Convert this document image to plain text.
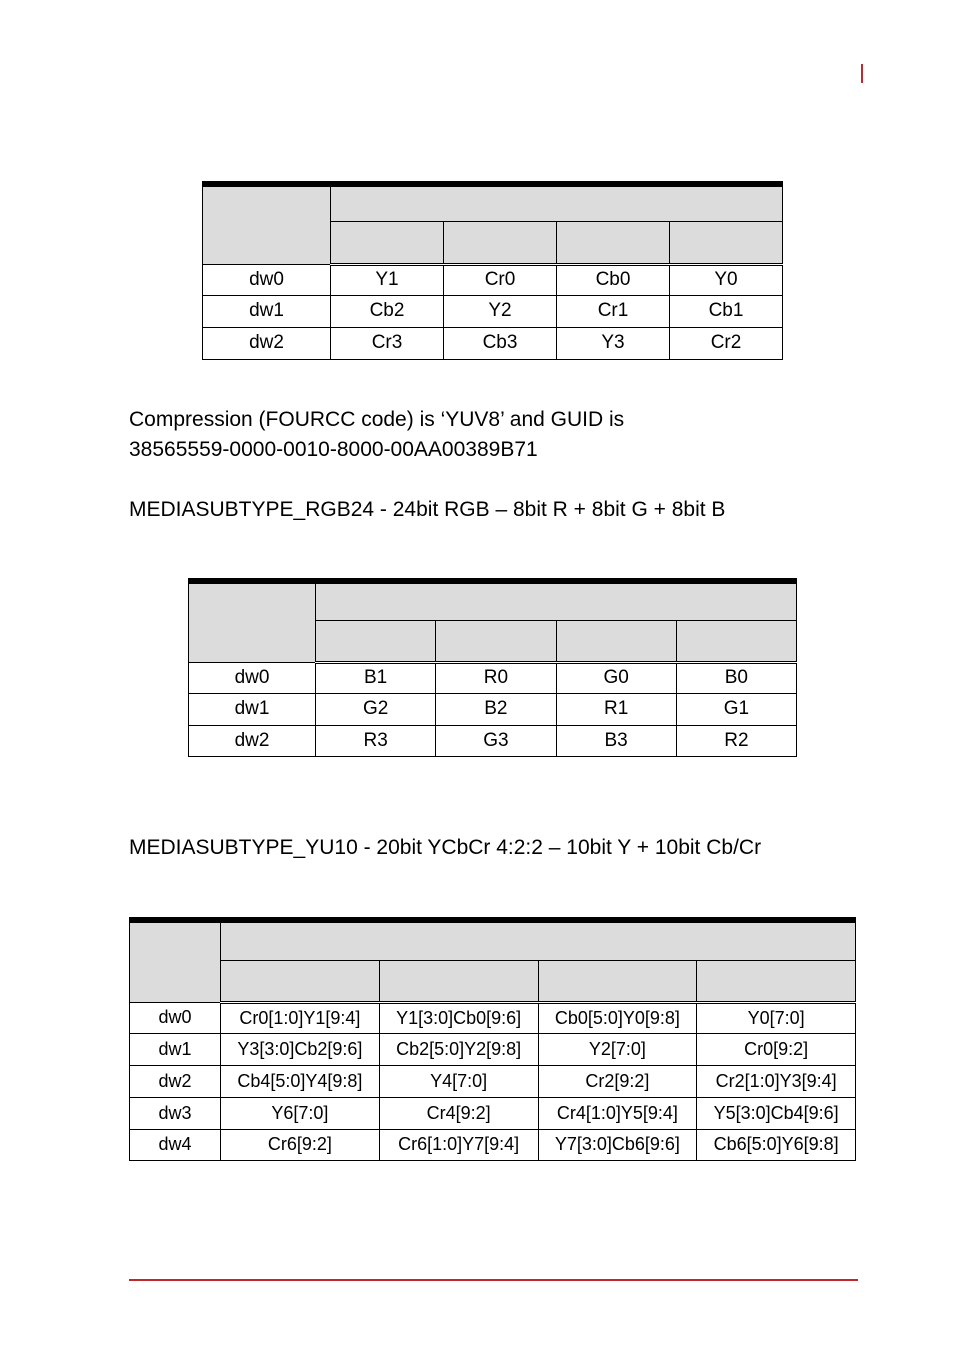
dw0	Y1	Cr0	Cb0	Y0
dw1	Cb2	Y2	Cr1	Cb1
dw2	Cr3	Cb3	Y3	Cr2

Compression (FOURCC code) is ‘YUV8’ and GUID is
38565559-0000-0010-8000-00AA00389B71

MEDIASUBTYPE_RGB24 - 24bit RGB – 8bit R + 8bit G + 8bit B

dw0	B1	R0	G0	B0
dw1	G2	B2	R1	G1
dw2	R3	G3	B3	R2

MEDIASUBTYPE_YU10 - 20bit YCbCr 4:2:2 – 10bit Y + 10bit Cb/Cr

dw0	Cr0[1:0]Y1[9:4]	Y1[3:0]Cb0[9:6]	Cb0[5:0]Y0[9:8]	Y0[7:0]
dw1	Y3[3:0]Cb2[9:6]	Cb2[5:0]Y2[9:8]	Y2[7:0]	Cr0[9:2]
dw2	Cb4[5:0]Y4[9:8]	Y4[7:0]	Cr2[9:2]	Cr2[1:0]Y3[9:4]
dw3	Y6[7:0]	Cr4[9:2]	Cr4[1:0]Y5[9:4]	Y5[3:0]Cb4[9:6]
dw4	Cr6[9:2]	Cr6[1:0]Y7[9:4]	Y7[3:0]Cb6[9:6]	Cb6[5:0]Y6[9:8]
